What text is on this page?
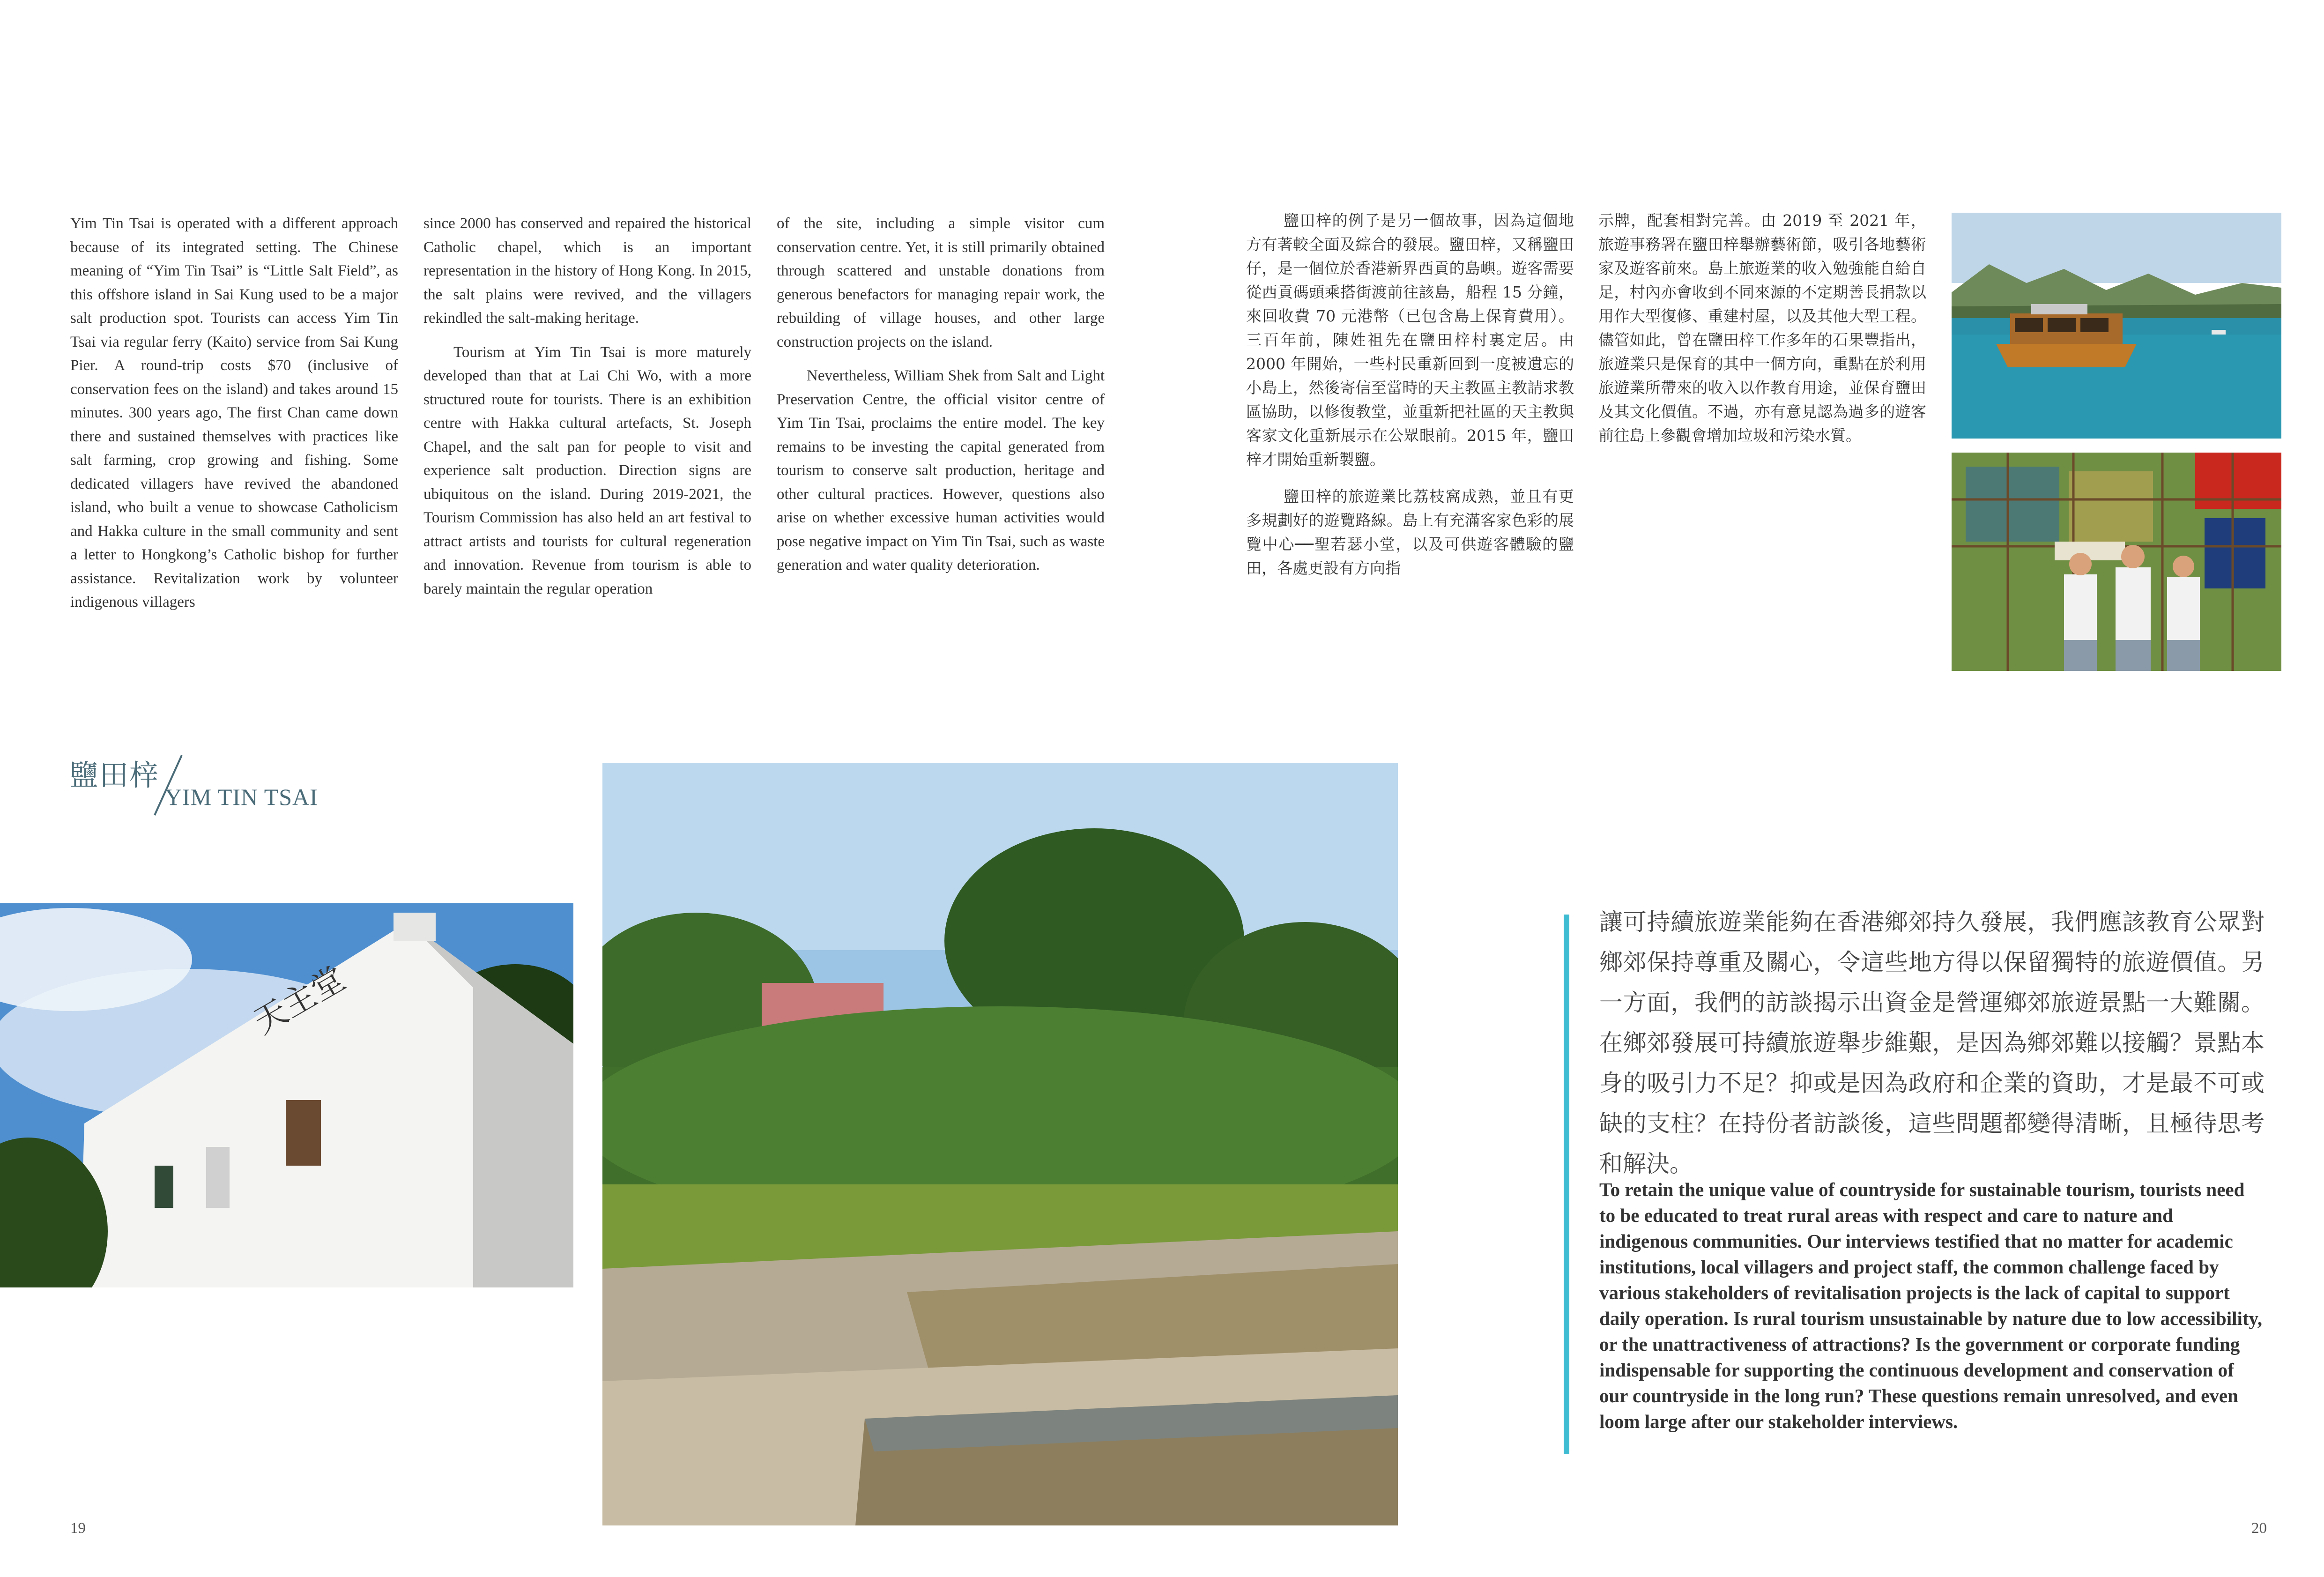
Yim Tin Tsai is operated with a different approach because of its integrated setting. The Chinese meaning of “Yim Tin Tsai” is “Little Salt Field”, as this offshore island in Sai Kung used to be a major salt production spot. Tourists can access Yim Tin Tsai via regular ferry (Kaito) service from Sai Kung Pier. A round-trip costs $70 (inclusive of conservation fees on the island) and takes around 15 minutes. 300 years ago, The first Chan came down there and sustained themselves with practices like salt farming, crop growing and fishing. Some dedicated villagers have revived the abandoned island, who built a venue to showcase Catholicism and Hakka culture in the small community and sent a letter to Hongkong’s Catholic bishop for further assistance. Revitalization work by volunteer indigenous villagers

since 2000 has conserved and repaired the historical Catholic chapel, which is an important representation in the history of Hong Kong. In 2015, the salt plains were revived, and the villagers rekindled the salt-making heritage.

Tourism at Yim Tin Tsai is more maturely developed than that at Lai Chi Wo, with a more structured route for tourists. There is an exhibition centre with Hakka cultural artefacts, St. Joseph Chapel, and the salt pan for people to visit and experience salt production. Direction signs are ubiquitous on the island. During 2019-2021, the Tourism Commission has also held an art festival to attract artists and tourists for cultural regeneration and innovation. Revenue from tourism is able to barely maintain the regular operation

of the site, including a simple visitor cum conservation centre. Yet, it is still primarily obtained through scattered and unstable donations from generous benefactors for managing repair work, the rebuilding of village houses, and other large construction projects on the island.

Nevertheless, William Shek from Salt and Light Preservation Centre, the official visitor centre of Yim Tin Tsai, proclaims the entire model. The key remains to be investing the capital generated from tourism to conserve salt production, heritage and other cultural practices. However, questions also arise on whether excessive human activities would pose negative impact on Yim Tin Tsai, such as waste generation and water quality deterioration.

鹽田梓的例子是另一個故事，因為這個地方有著較全面及綜合的發展。鹽田梓，又稱鹽田仔，是一個位於香港新界西貢的島嶼。遊客需要從西貢碼頭乘搭街渡前往該島，船程 15 分鐘，來回收費 70 元港幣（已包含島上保育費用）。三百年前，陳姓祖先在鹽田梓村裏定居。由 2000 年開始，一些村民重新回到一度被遺忘的小島上，然後寄信至當時的天主教區主教請求教區協助，以修復教堂，並重新把社區的天主教與客家文化重新展示在公眾眼前。2015 年，鹽田梓才開始重新製鹽。

鹽田梓的旅遊業比荔枝窩成熟，並且有更多規劃好的遊覽路線。島上有充滿客家色彩的展覽中心──聖若瑟小堂，以及可供遊客體驗的鹽田，各處更設有方向指

示牌，配套相對完善。由 2019 至 2021 年，旅遊事務署在鹽田梓舉辦藝術節，吸引各地藝術家及遊客前來。島上旅遊業的收入勉強能自給自足，村內亦會收到不同來源的不定期善長捐款以用作大型復修、重建村屋，以及其他大型工程。儘管如此，曾在鹽田梓工作多年的石果豐指出，旅遊業只是保育的其中一個方向，重點在於利用旅遊業所帶來的收入以作教育用途，並保育鹽田及其文化價值。不過，亦有意見認為過多的遊客前往島上參觀會增加垃圾和污染水質。

鹽田梓
YIM TIN TSAI
天主堂
讓可持續旅遊業能夠在香港鄉郊持久發展，我們應該教育公眾對鄉郊保持尊重及關心，令這些地方得以保留獨特的旅遊價值。另一方面，我們的訪談揭示出資金是營運鄉郊旅遊景點一大難關。在鄉郊發展可持續旅遊舉步維艱，是因為鄉郊難以接觸？景點本身的吸引力不足？抑或是因為政府和企業的資助，才是最不可或缺的支柱？在持份者訪談後，這些問題都變得清晰，且極待思考和解決。
To retain the unique value of countryside for sustainable tourism, tourists need to be educated to treat rural areas with respect and care to nature and indigenous communities. Our interviews testified that no matter for academic institutions, local villagers and project staff, the common challenge faced by various stakeholders of revitalisation projects is the lack of capital to support daily operation. Is rural tourism unsustainable by nature due to low accessibility, or the unattractiveness of attractions? Is the government or corporate funding indispensable for supporting the continuous development and conservation of our countryside in the long run? These questions remain unresolved, and even loom large after our stakeholder interviews.
19	20
